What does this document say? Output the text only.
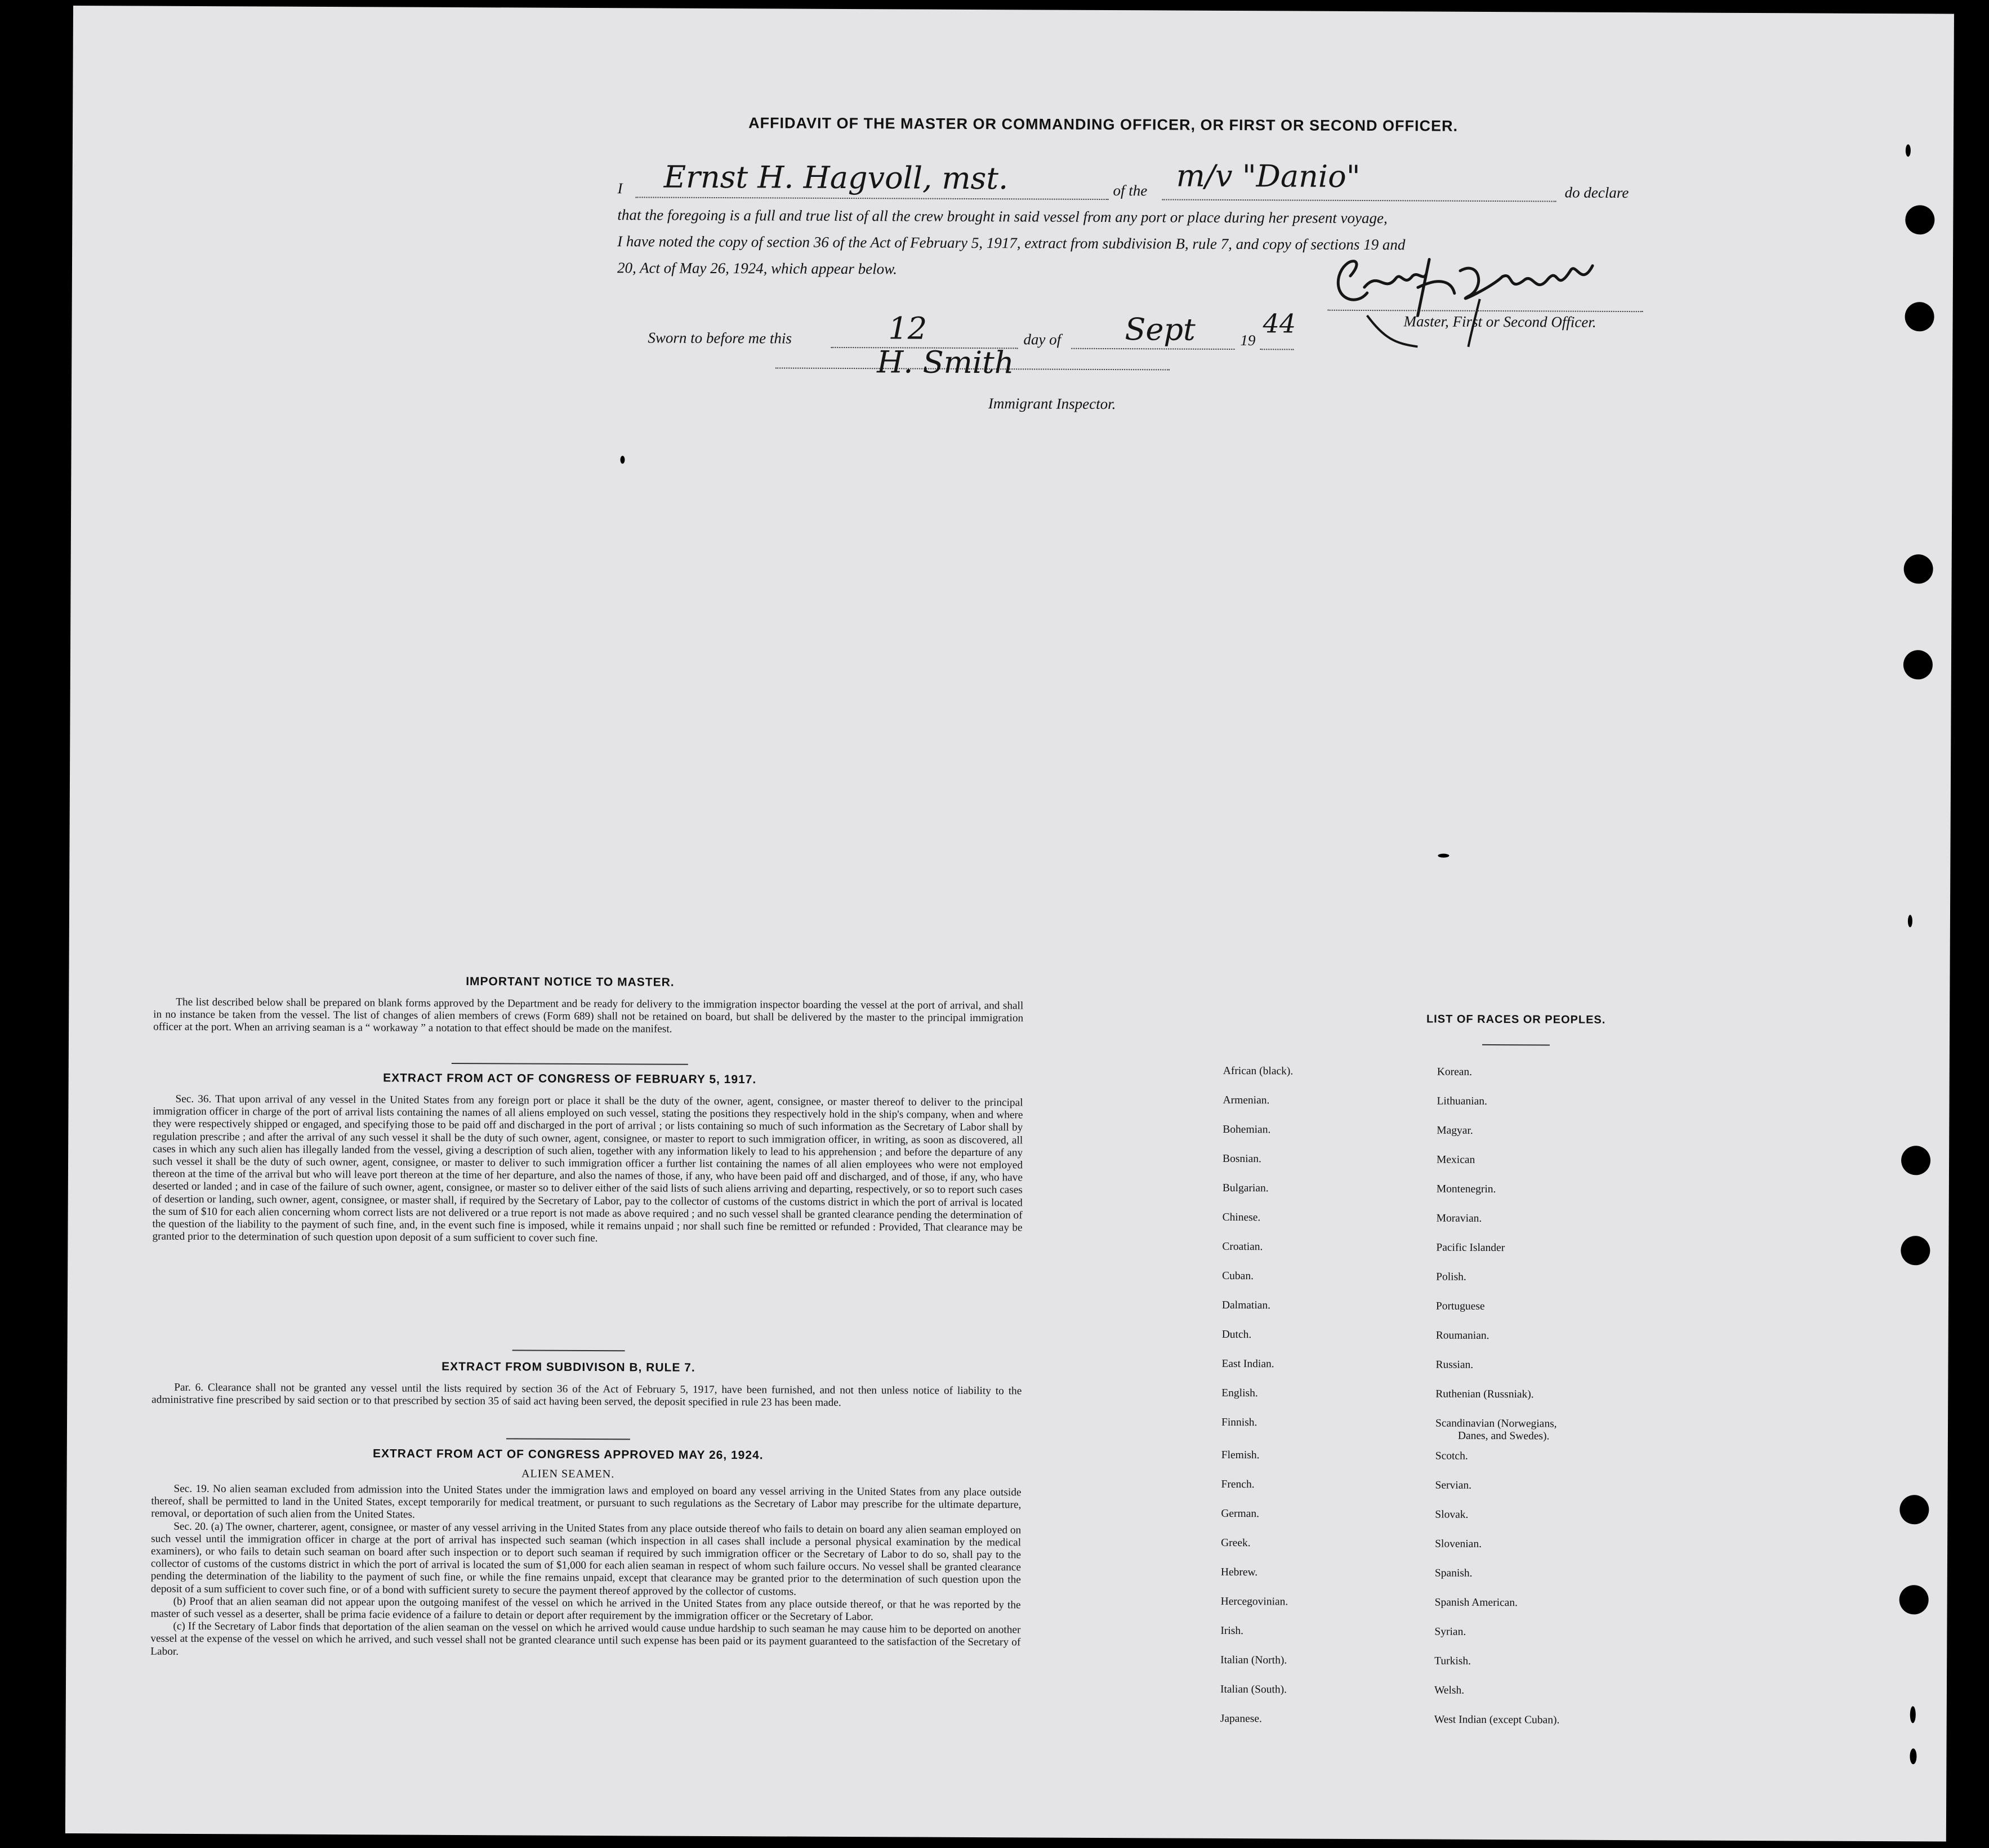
AFFIDAVIT OF THE MASTER OR COMMANDING OFFICER, OR FIRST OR SECOND OFFICER.
I Ernst H. Hagvoll, mst.	of the m/v "Danio"	do declare
that the foregoing is a full and true list of all the crew brought in said vessel from any port or place during her present voyage,
I have noted the copy of section 36 of the Act of February 5, 1917, extract from subdivision B, rule 7, and copy of sections 19 and
20, Act of May 26, 1924, which appear below.
Master, First or Second Officer.
Sworn to before me this	12	day of Sept	19
44
H. Smith
Immigrant Inspector.
IMPORTANT NOTICE TO MASTER.

The list described below shall be prepared on blank forms approved by the Department and be ready for delivery to the immigration inspector boarding the vessel at the port of arrival, and shall in no instance be taken from the vessel. The list of changes of alien members of crews (Form 689) shall not be retained on board, but shall be delivered by the master to the principal immigration officer at the port. When an arriving seaman is a “ workaway ” a notation to that effect should be made on the manifest.

EXTRACT FROM ACT OF CONGRESS OF FEBRUARY 5, 1917.

Sec. 36. That upon arrival of any vessel in the United States from any foreign port or place it shall be the duty of the owner, agent, consignee, or master thereof to deliver to the principal immigration officer in charge of the port of arrival lists containing the names of all aliens employed on such vessel, stating the positions they respectively hold in the ship's company, when and where they were respectively shipped or engaged, and specifying those to be paid off and discharged in the port of arrival ; or lists containing so much of such information as the Secretary of Labor shall by regulation prescribe ; and after the arrival of any such vessel it shall be the duty of such owner, agent, consignee, or master to report to such immigration officer, in writing, as soon as discovered, all cases in which any such alien has illegally landed from the vessel, giving a description of such alien, together with any information likely to lead to his apprehension ; and before the departure of any such vessel it shall be the duty of such owner, agent, consignee, or master to deliver to such immigration officer a further list containing the names of all alien employees who were not employed thereon at the time of the arrival but who will leave port thereon at the time of her departure, and also the names of those, if any, who have been paid off and discharged, and of those, if any, who have deserted or landed ; and in case of the failure of such owner, agent, consignee, or master so to deliver either of the said lists of such aliens arriving and departing, respectively, or so to report such cases of desertion or landing, such owner, agent, consignee, or master shall, if required by the Secretary of Labor, pay to the collector of customs of the customs district in which the port of arrival is located the sum of $10 for each alien concerning whom correct lists are not delivered or a true report is not made as above required ; and no such vessel shall be granted clearance pending the determination of the question of the liability to the payment of such fine, and, in the event such fine is imposed, while it remains unpaid ; nor shall such fine be remitted or refunded : Provided, That clearance may be granted prior to the determination of such question upon deposit of a sum sufficient to cover such fine.

EXTRACT FROM SUBDIVISON B, RULE 7.

Par. 6. Clearance shall not be granted any vessel until the lists required by section 36 of the Act of February 5, 1917, have been furnished, and not then unless notice of liability to the administrative fine prescribed by said section or to that prescribed by section 35 of said act having been served, the deposit specified in rule 23 has been made.

EXTRACT FROM ACT OF CONGRESS APPROVED MAY 26, 1924.
ALIEN SEAMEN.

Sec. 19. No alien seaman excluded from admission into the United States under the immigration laws and employed on board any vessel arriving in the United States from any place outside thereof, shall be permitted to land in the United States, except temporarily for medical treatment, or pursuant to such regulations as the Secretary of Labor may prescribe for the ultimate departure, removal, or deportation of such alien from the United States.

Sec. 20. (a) The owner, charterer, agent, consignee, or master of any vessel arriving in the United States from any place outside thereof who fails to detain on board any alien seaman employed on such vessel until the immigration officer in charge at the port of arrival has inspected such seaman (which inspection in all cases shall include a personal physical examination by the medical examiners), or who fails to detain such seaman on board after such inspection or to deport such seaman if required by such immigration officer or the Secretary of Labor to do so, shall pay to the collector of customs of the customs district in which the port of arrival is located the sum of $1,000 for each alien seaman in respect of whom such failure occurs. No vessel shall be granted clearance pending the determination of the liability to the payment of such fine, or while the fine remains unpaid, except that clearance may be granted prior to the determination of such question upon the deposit of a sum sufficient to cover such fine, or of a bond with sufficient surety to secure the payment thereof approved by the collector of customs.

(b) Proof that an alien seaman did not appear upon the outgoing manifest of the vessel on which he arrived in the United States from any place outside thereof, or that he was reported by the master of such vessel as a deserter, shall be prima facie evidence of a failure to detain or deport after requirement by the immigration officer or the Secretary of Labor.

(c) If the Secretary of Labor finds that deportation of the alien seaman on the vessel on which he arrived would cause undue hardship to such seaman he may cause him to be deported on another vessel at the expense of the vessel on which he arrived, and such vessel shall not be granted clearance until such expense has been paid or its payment guaranteed to the satisfaction of the Secretary of Labor.

LIST OF RACES OR PEOPLES.
African (black).
Armenian.
Bohemian.
Bosnian.
Bulgarian.
Chinese.
Croatian.
Cuban.
Dalmatian.
Dutch.
East Indian.
English.
Finnish.
Flemish.
French.
German.
Greek.
Hebrew.
Hercegovinian.
Irish.
Italian (North).
Italian (South).
Japanese.
Korean.
Lithuanian.
Magyar.
Mexican
Montenegrin.
Moravian.
Pacific Islander
Polish.
Portuguese
Roumanian.
Russian.
Ruthenian (Russniak).
Scandinavian (Norwegians,
Danes, and Swedes).
Scotch.
Servian.
Slovak.
Slovenian.
Spanish.
Spanish American.
Syrian.
Turkish.
Welsh.
West Indian (except Cuban).
